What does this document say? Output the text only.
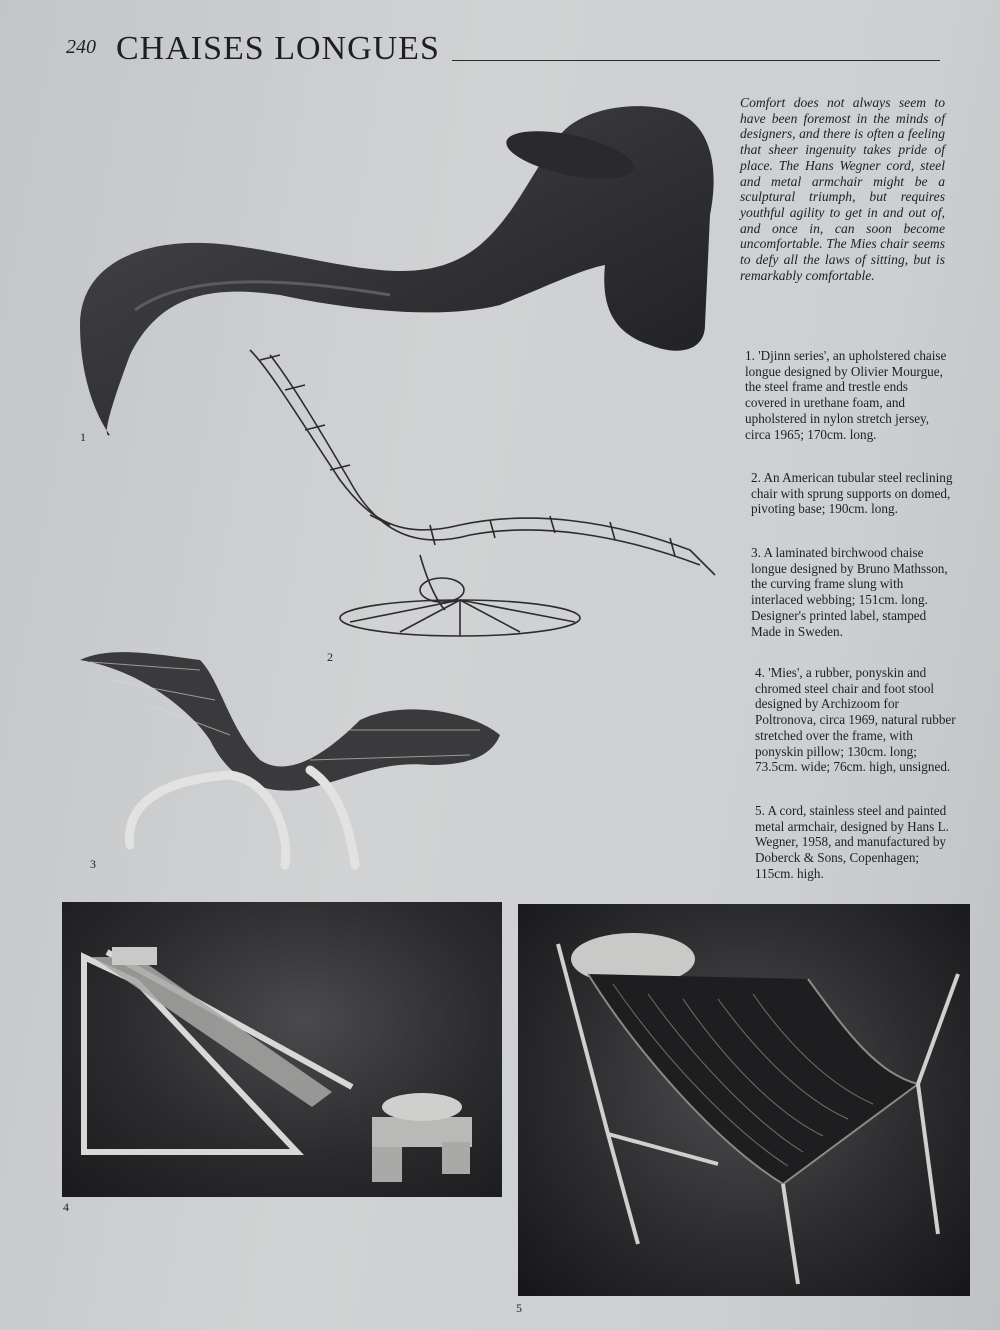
240 CHAISES LONGUES
1
2
3
4
5
Comfort does not always seem to have been foremost in the minds of designers, and there is often a feeling that sheer ingenuity takes pride of place. The Hans Wegner cord, steel and metal armchair might be a sculptural triumph, but requires youthful agility to get in and out of, and once in, can soon become uncomfortable. The Mies chair seems to defy all the laws of sitting, but is remarkably comfortable.
1. 'Djinn series', an upholstered chaise longue designed by Olivier Mourgue, the steel frame and trestle ends covered in urethane foam, and upholstered in nylon stretch jersey, circa 1965; 170cm. long.
2. An American tubular steel reclining chair with sprung supports on domed, pivoting base; 190cm. long.
3. A laminated birchwood chaise longue designed by Bruno Mathsson, the curving frame slung with interlaced webbing; 151cm. long. Designer's printed label, stamped Made in Sweden.
4. 'Mies', a rubber, ponyskin and chromed steel chair and foot stool designed by Archizoom for Poltronova, circa 1969, natural rubber stretched over the frame, with ponyskin pillow; 130cm. long; 73.5cm. wide; 76cm. high, unsigned.
5. A cord, stainless steel and painted metal armchair, designed by Hans L. Wegner, 1958, and manufactured by Doberck & Sons, Copenhagen; 115cm. high.
